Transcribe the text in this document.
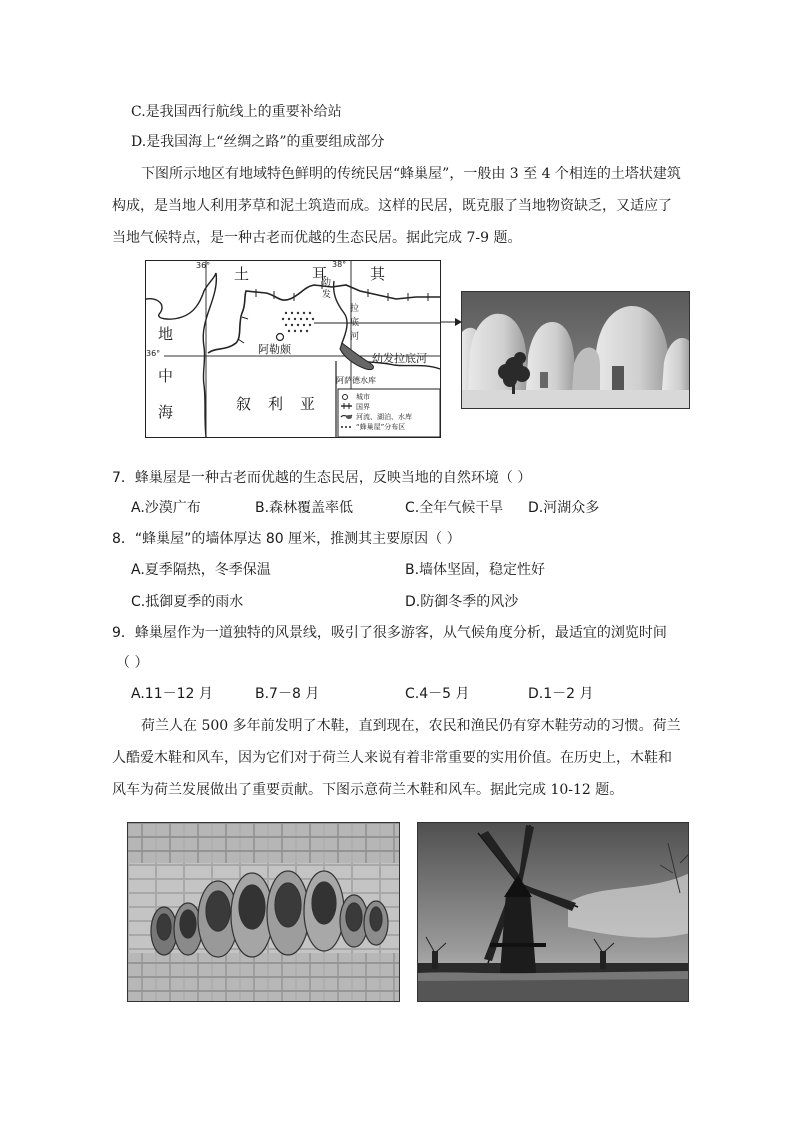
C.是我国西行航线上的重要补给站
D.是我国海上“丝绸之路”的重要组成部分
下图所示地区有地域特色鲜明的传统民居“蜂巢屋”，一般由 3 至 4 个相连的土塔状建筑
构成，是当地人利用茅草和泥土筑造而成。这样的民居，既克服了当地物资缺乏，又适应了
当地气候特点，是一种古老而优越的生态民居。据此完成 7-9 题。
36°	38°
36°
土	耳	其
地
中
海	叙 利 亚
阿勒颇
幼
发
拉
底
河
幼发拉底河
阿萨德水库
城市
国界
河流、湖泊、水库
“蜂巢屋”分布区
7．蜂巢屋是一种古老而优越的生态民居，反映当地的自然环境（ ）
A.沙漠广布	B.森林覆盖率低	C.全年气候干旱 D.河湖众多
8．“蜂巢屋”的墙体厚达 80 厘米，推测其主要原因（ ）
A.夏季隔热，冬季保温	B.墙体坚固，稳定性好
C.抵御夏季的雨水	D.防御冬季的风沙
9．蜂巢屋作为一道独特的风景线，吸引了很多游客，从气候角度分析，最适宜的浏览时间
（ ）
A.11－12 月	B.7－8 月	C.4－5 月	D.1－2 月
荷兰人在 500 多年前发明了木鞋，直到现在，农民和渔民仍有穿木鞋劳动的习惯。荷兰
人酷爱木鞋和风车，因为它们对于荷兰人来说有着非常重要的实用价值。在历史上，木鞋和
风车为荷兰发展做出了重要贡献。下图示意荷兰木鞋和风车。据此完成 10-12 题。
